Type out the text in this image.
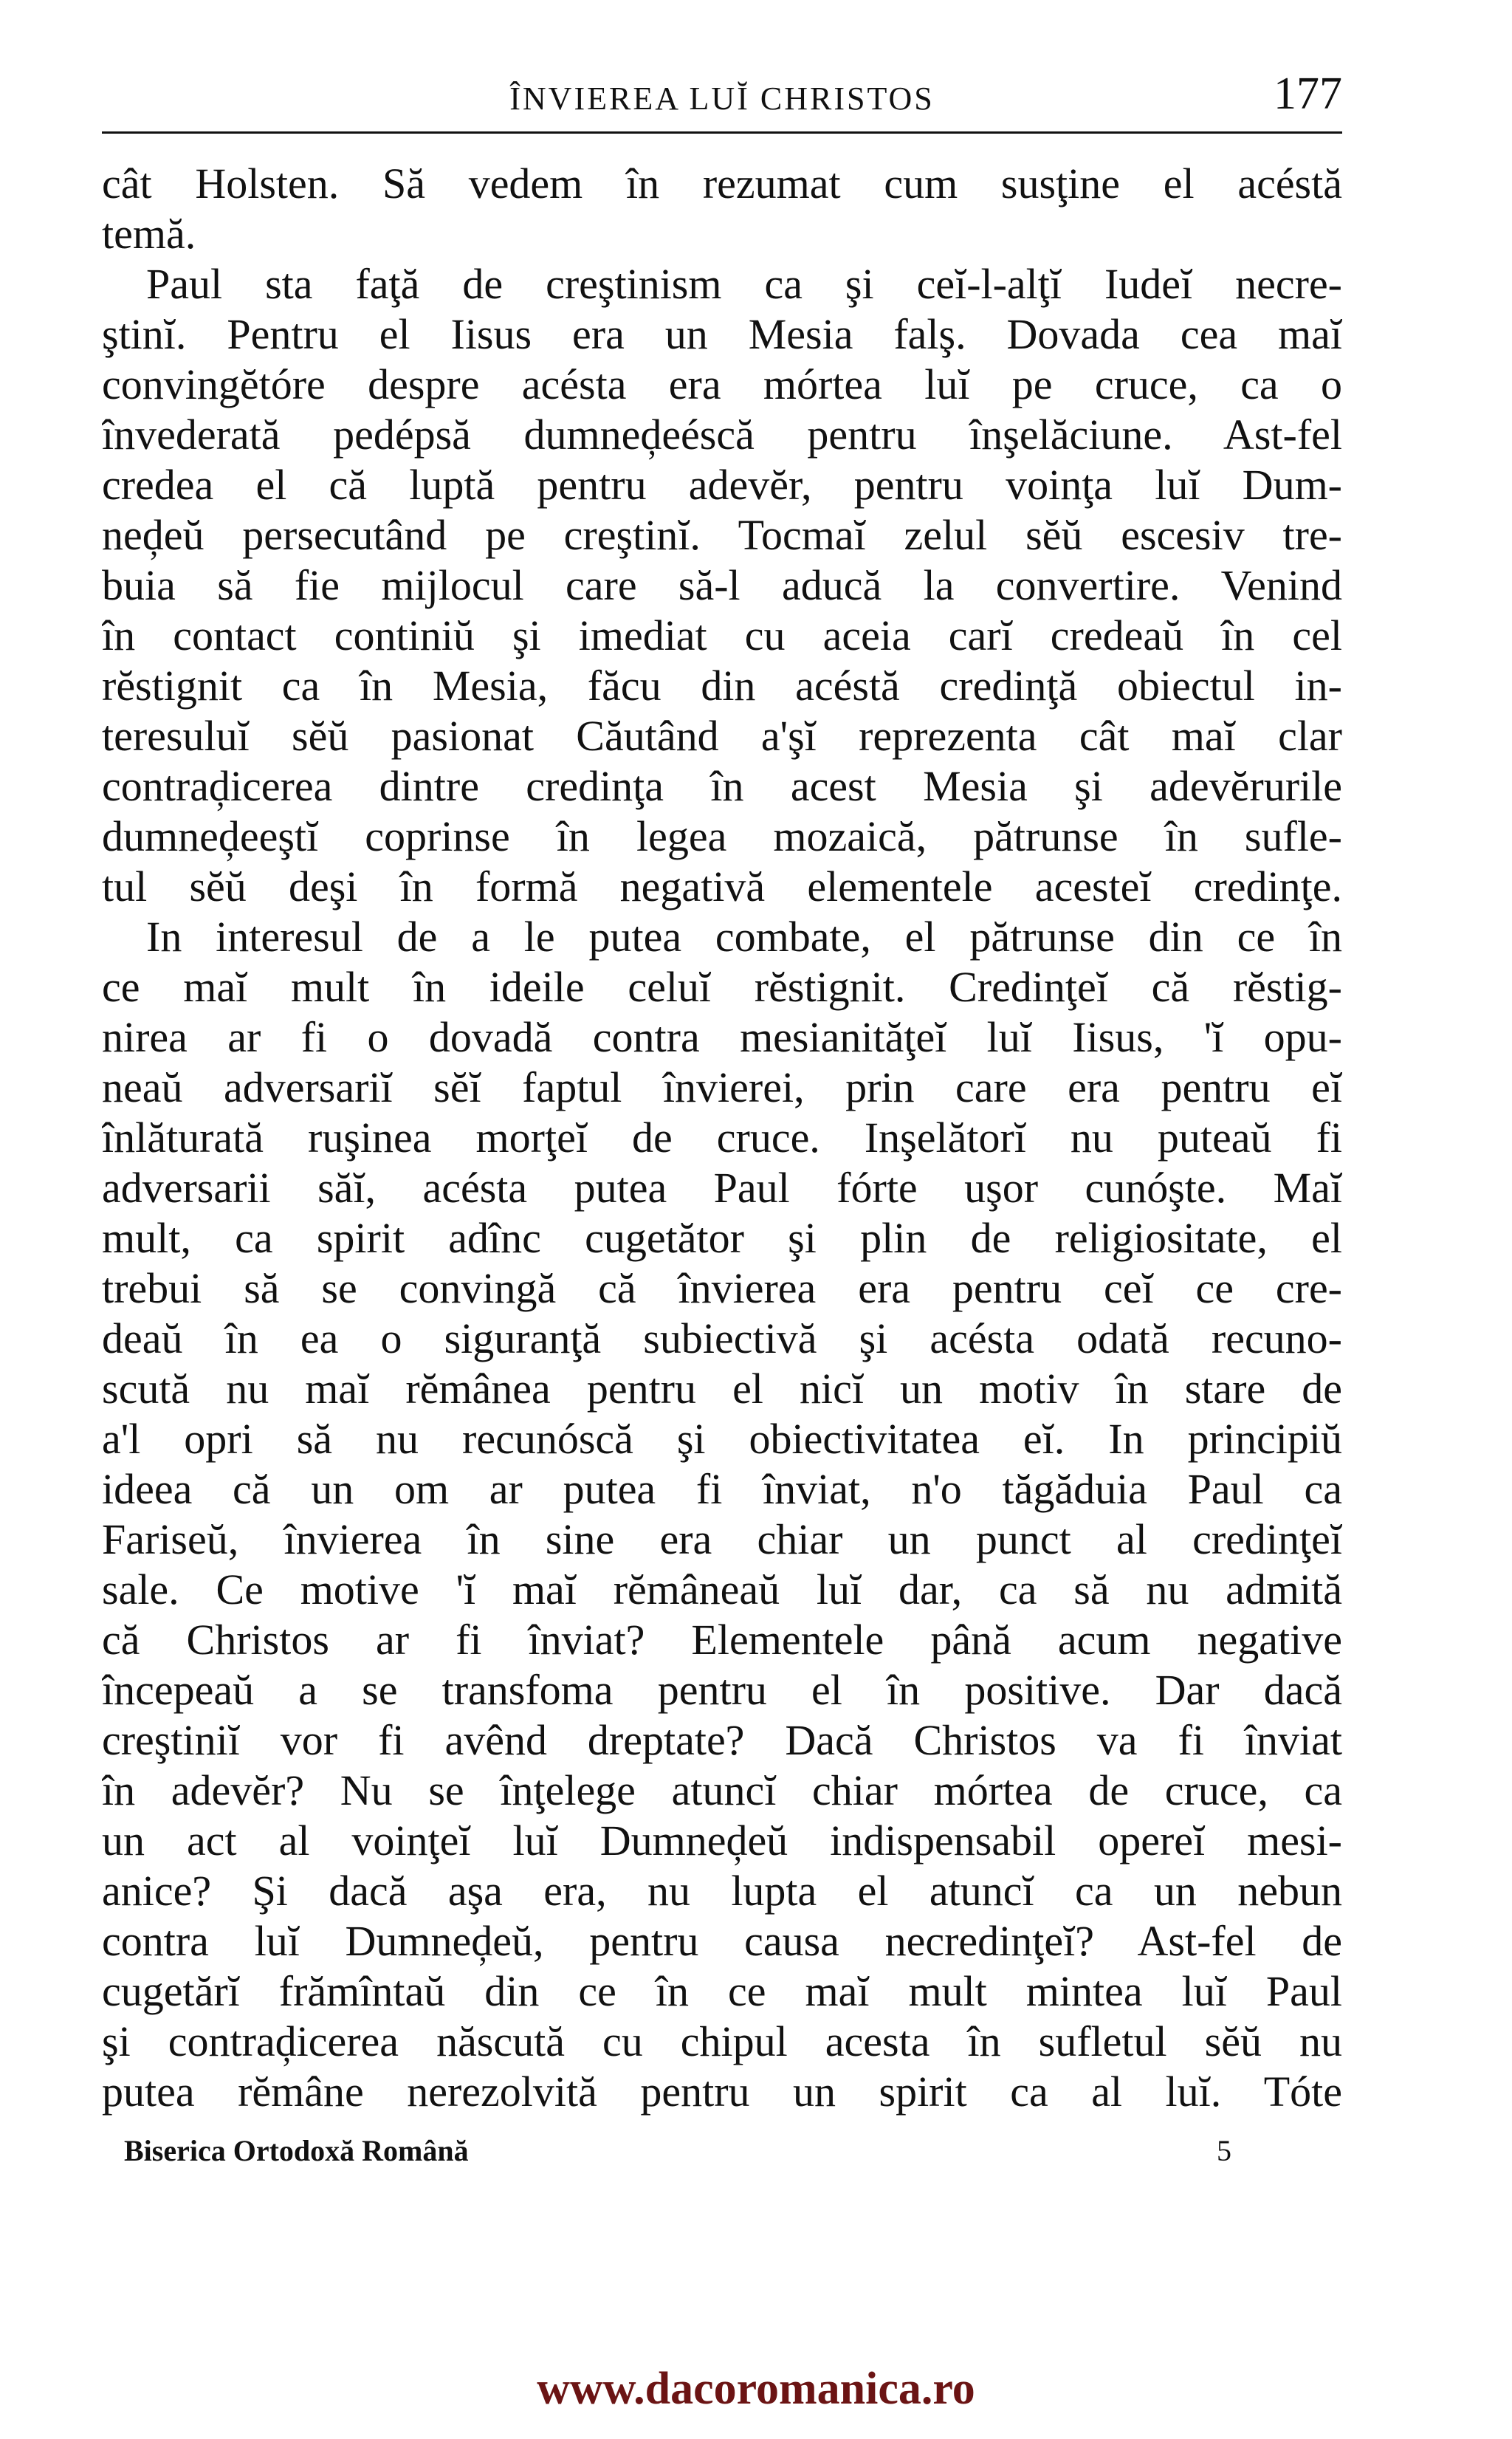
ÎNVIEREA LUĬ CHRISTOS	177
cât Holsten. Să vedem în rezumat cum susţine el acéstă
temă.
Paul sta faţă de creştinism ca şi ceĭ-l-alţĭ Iudeĭ necre-
ştinĭ. Pentru el Iisus era un Mesia falş. Dovada cea maĭ
convingĕtóre despre acésta era mórtea luĭ pe cruce, ca o
învederată pedépsă dumneḑeéscă pentru înşelăciune. Ast-fel
credea el că luptă pentru adevĕr, pentru voinţa luĭ Dum-
neḑeŭ persecutând pe creştinĭ. Tocmaĭ zelul sĕŭ escesiv tre-
buia să fie mijlocul care să-l aducă la convertire. Venind
în contact continiŭ şi imediat cu aceia carĭ credeaŭ în cel
rĕstignit ca în Mesia, făcu din acéstă credinţă obiectul in-
teresuluĭ sĕŭ pasionat Căutând a'şĭ reprezenta cât maĭ clar
contraḑicerea dintre credinţa în acest Mesia şi adevĕrurile
dumneḑeeştĭ coprinse în legea mozaică, pătrunse în sufle-
tul sĕŭ deşi în formă negativă elementele acesteĭ credinţe.
In interesul de a le putea combate, el pătrunse din ce în
ce maĭ mult în ideile celuĭ rĕstignit. Credinţeĭ că rĕstig-
nirea ar fi o dovadă contra mesianităţeĭ luĭ Iisus, 'ĭ opu-
neaŭ adversariĭ sĕĭ faptul învierei, prin care era pentru eĭ
înlăturată ruşinea morţeĭ de cruce. Inşelătorĭ nu puteaŭ fi
adversarii săĭ, acésta putea Paul fórte uşor cunóşte. Maĭ
mult, ca spirit adînc cugetător şi plin de religiositate, el
trebui să se convingă că învierea era pentru ceĭ ce cre-
deaŭ în ea o siguranţă subiectivă şi acésta odată recuno-
scută nu maĭ rĕmânea pentru el nicĭ un motiv în stare de
a'l opri să nu recunóscă şi obiectivitatea eĭ. In principiŭ
ideea că un om ar putea fi înviat, n'o tăgăduia Paul ca
Fariseŭ, învierea în sine era chiar un punct al credinţeĭ
sale. Ce motive 'ĭ maĭ rĕmâneaŭ luĭ dar, ca să nu admită
că Christos ar fi înviat? Elementele până acum negative
începeaŭ a se transfoma pentru el în positive. Dar dacă
creştiniĭ vor fi avênd dreptate? Dacă Christos va fi înviat
în adevĕr? Nu se înţelege atuncĭ chiar mórtea de cruce, ca
un act al voinţeĭ luĭ Dumneḑeŭ indispensabil opereĭ mesi-
anice? Şi dacă aşa era, nu lupta el atuncĭ ca un nebun
contra luĭ Dumneḑeŭ, pentru causa necredinţeĭ? Ast-fel de
cugetărĭ frămîntaŭ din ce în ce maĭ mult mintea luĭ Paul
şi contraḑicerea născută cu chipul acesta în sufletul sĕŭ nu
putea rĕmâne nerezolvită pentru un spirit ca al luĭ. Tóte
Biserica Ortodoxă Română	5
www.dacoromanica.ro
